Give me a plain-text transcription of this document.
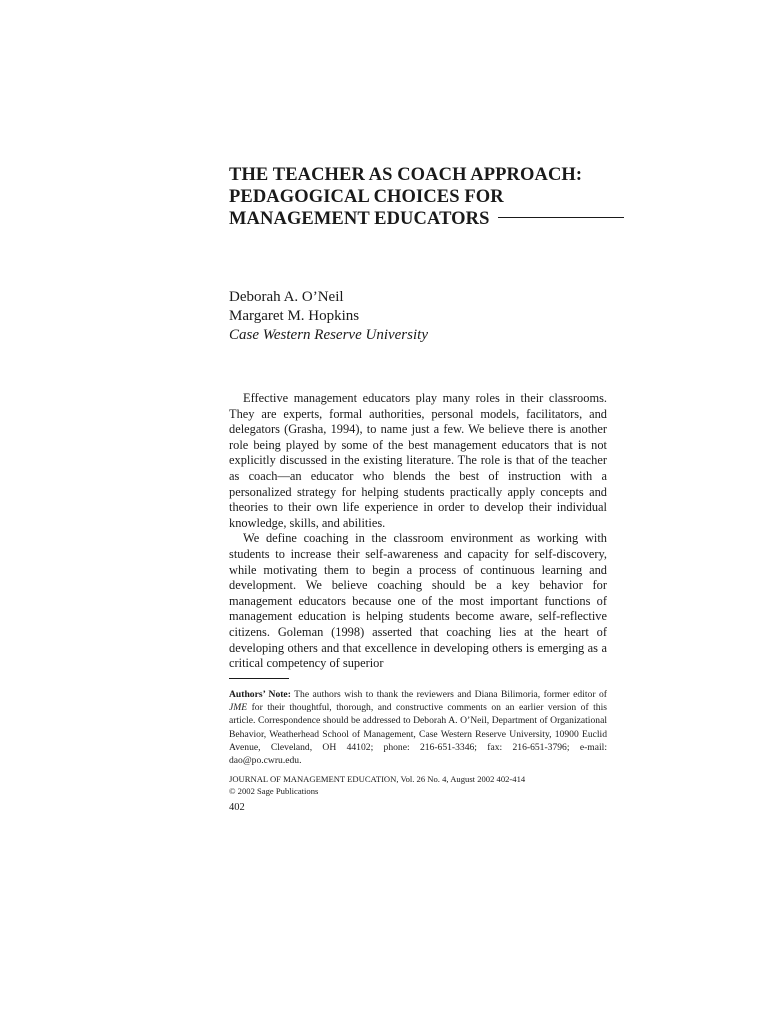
THE TEACHER AS COACH APPROACH:
PEDAGOGICAL CHOICES FOR
MANAGEMENT EDUCATORS
Deborah A. O’Neil
Margaret M. Hopkins
Case Western Reserve University

Effective management educators play many roles in their classrooms. They are experts, formal authorities, personal models, facilitators, and delegators (Grasha, 1994), to name just a few. We believe there is another role being played by some of the best management educators that is not explicitly discussed in the existing literature. The role is that of the teacher as coach—an educator who blends the best of instruction with a personalized strategy for helping students practically apply concepts and theories to their own life experience in order to develop their individual knowledge, skills, and abilities.

We define coaching in the classroom environment as working with students to increase their self-awareness and capacity for self-discovery, while motivating them to begin a process of continuous learning and development. We believe coaching should be a key behavior for management educators because one of the most important functions of management education is helping students become aware, self-reflective citizens. Goleman (1998) asserted that coaching lies at the heart of developing others and that excellence in developing others is emerging as a critical competency of superior

Authors’ Note: The authors wish to thank the reviewers and Diana Bilimoria, former editor of JME for their thoughtful, thorough, and constructive comments on an earlier version of this article. Correspondence should be addressed to Deborah A. O’Neil, Department of Organizational Behavior, Weatherhead School of Management, Case Western Reserve University, 10900 Euclid Avenue, Cleveland, OH 44102; phone: 216-651-3346; fax: 216-651-3796; e-mail: dao@po.cwru.edu.
JOURNAL OF MANAGEMENT EDUCATION, Vol. 26 No. 4, August 2002 402-414
© 2002 Sage Publications
402
